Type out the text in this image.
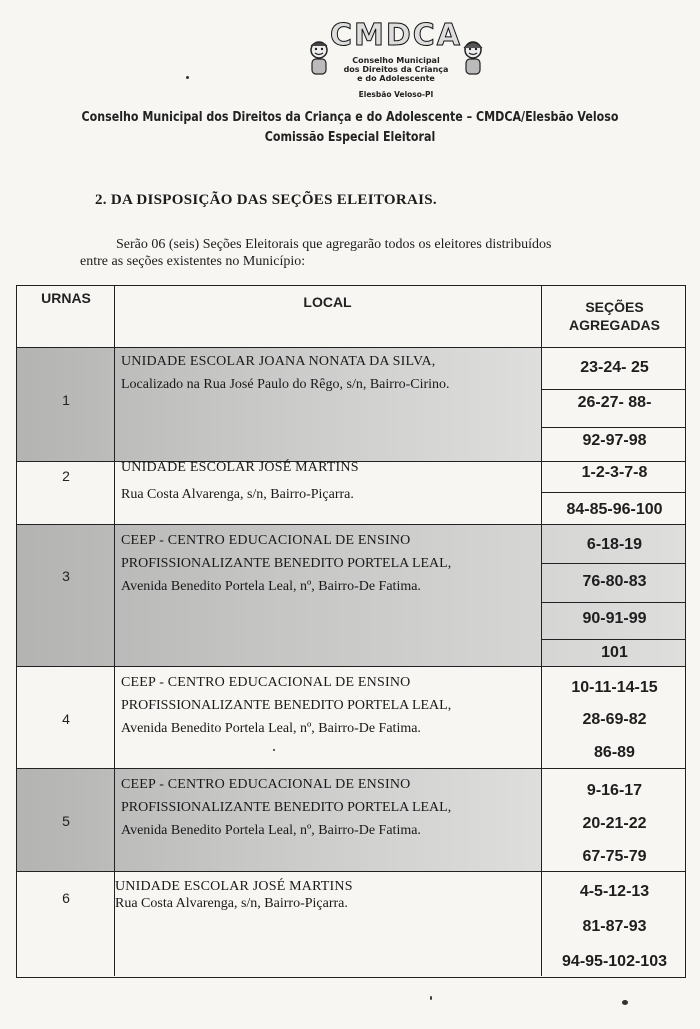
CMDCA
Conselho Municipal
dos Direitos da Criança
e do Adolescente
Elesbão Veloso-PI
Conselho Municipal dos Direitos da Criança e do Adolescente – CMDCA/Elesbão Veloso
Comissão Especial Eleitoral
2. DA DISPOSIÇÃO DAS SEÇÕES ELEITORAIS.
Serão 06 (seis) Seções Eleitorais que agregarão todos os eleitores distribuídos
entre as seções existentes no Município:
URNAS	LOCAL	SEÇÕES
AGREGADAS
1
UNIDADE ESCOLAR JOANA NONATA DA SILVA,
Localizado na Rua José Paulo do Rêgo, s/n, Bairro-Cirino.
23-24- 25
26-27- 88-
92-97-98
2
UNIDADE ESCOLAR JOSÉ MARTINS
Rua Costa Alvarenga, s/n, Bairro-Piçarra.
1-2-3-7-8
84-85-96-100
3
CEEP - CENTRO EDUCACIONAL DE ENSINO
PROFISSIONALIZANTE BENEDITO PORTELA LEAL,
Avenida Benedito Portela Leal, nº, Bairro-De Fatima.
6-18-19
76-80-83
90-91-99
101
4
CEEP - CENTRO EDUCACIONAL DE ENSINO
PROFISSIONALIZANTE BENEDITO PORTELA LEAL,
Avenida Benedito Portela Leal, nº, Bairro-De Fatima.
10-11-14-15
28-69-82
86-89
5
CEEP - CENTRO EDUCACIONAL DE ENSINO
PROFISSIONALIZANTE BENEDITO PORTELA LEAL,
Avenida Benedito Portela Leal, nº, Bairro-De Fatima.
9-16-17
20-21-22
67-75-79
6
UNIDADE ESCOLAR JOSÉ MARTINS
Rua Costa Alvarenga, s/n, Bairro-Piçarra.
4-5-12-13
81-87-93
94-95-102-103
